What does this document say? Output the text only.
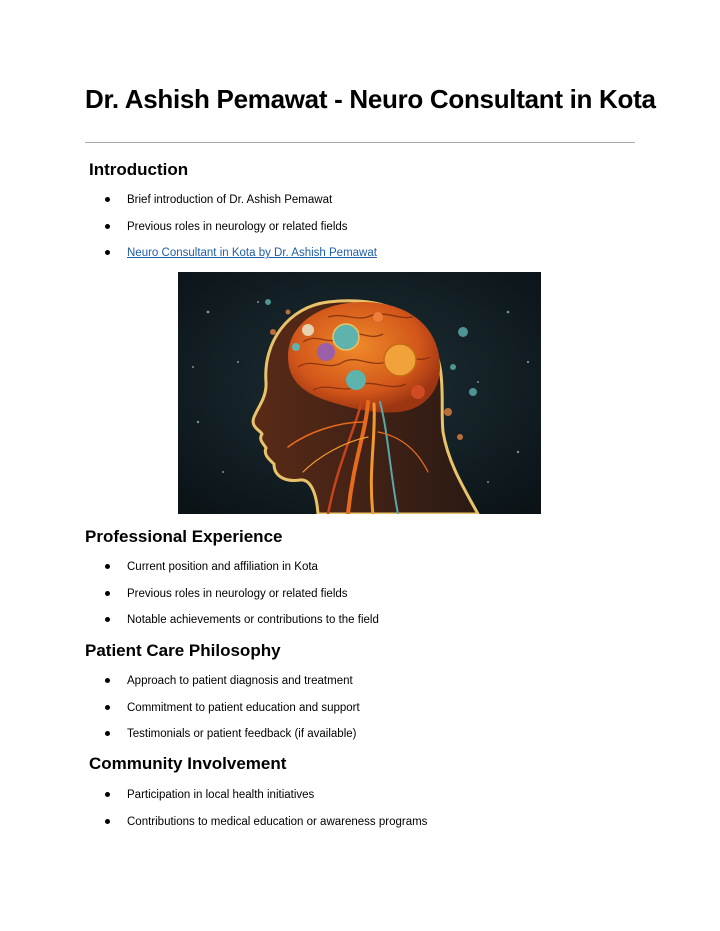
Dr. Ashish Pemawat - Neuro Consultant in Kota
Introduction
Brief introduction of Dr. Ashish Pemawat
Previous roles in neurology or related fields
Neuro Consultant in Kota by Dr. Ashish Pemawat
Professional Experience
Current position and affiliation in Kota
Previous roles in neurology or related fields
Notable achievements or contributions to the field
Patient Care Philosophy
Approach to patient diagnosis and treatment
Commitment to patient education and support
Testimonials or patient feedback (if available)
Community Involvement
Participation in local health initiatives
Contributions to medical education or awareness programs
